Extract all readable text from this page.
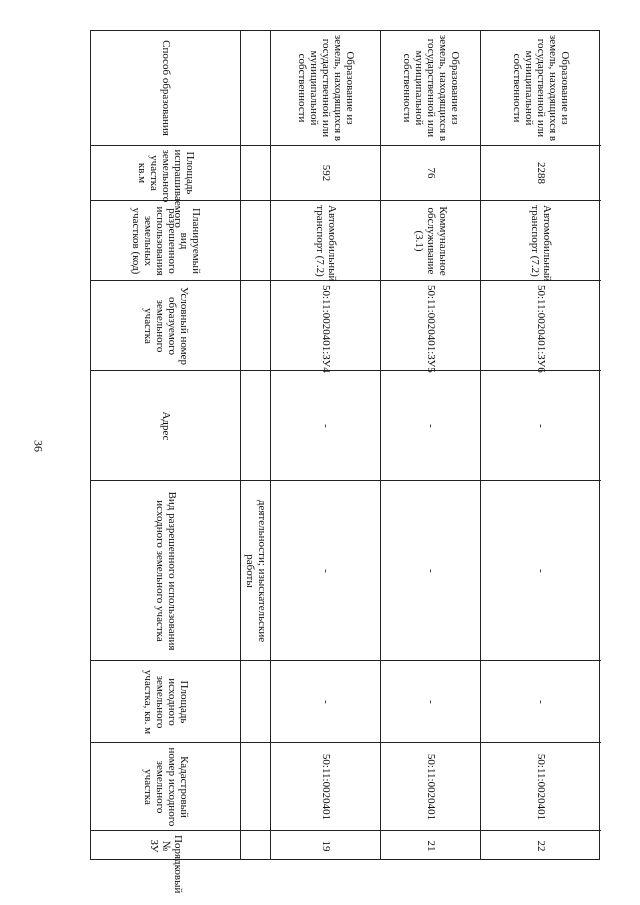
36
Способ образования
Площадь испрашиваемого земельного участка кв.м
Планируемый вид разрешенного использования земельных участков (код)
Условный номер образуемого земельного участка
Адрес
Вид разрешенного использования исходного земельного участка
Площадь исходного земельного участка, кв. м
Кадастровый номер исходного земельного участка
Порядковый № ЗУ
деятельности; изыскательские работы
Образование из земель, находящихся в государственной или муниципальной собственности
592
Автомобильный транспорт (7.2)
50:11:0020401:ЗУ4
-
-
-
50:11:0020401
19
Образование из земель, находящихся в государственной или муниципальной собственности
76
Коммунальное обслуживание (3.1)
50:11:0020401:ЗУ5
-
-
-
50:11:0020401
21
Образование из земель, находящихся в государственной или муниципальной собственности
2288
Автомобильный транспорт (7.2)
50:11:0020401:ЗУ6
-
-
-
50:11:0020401
22
